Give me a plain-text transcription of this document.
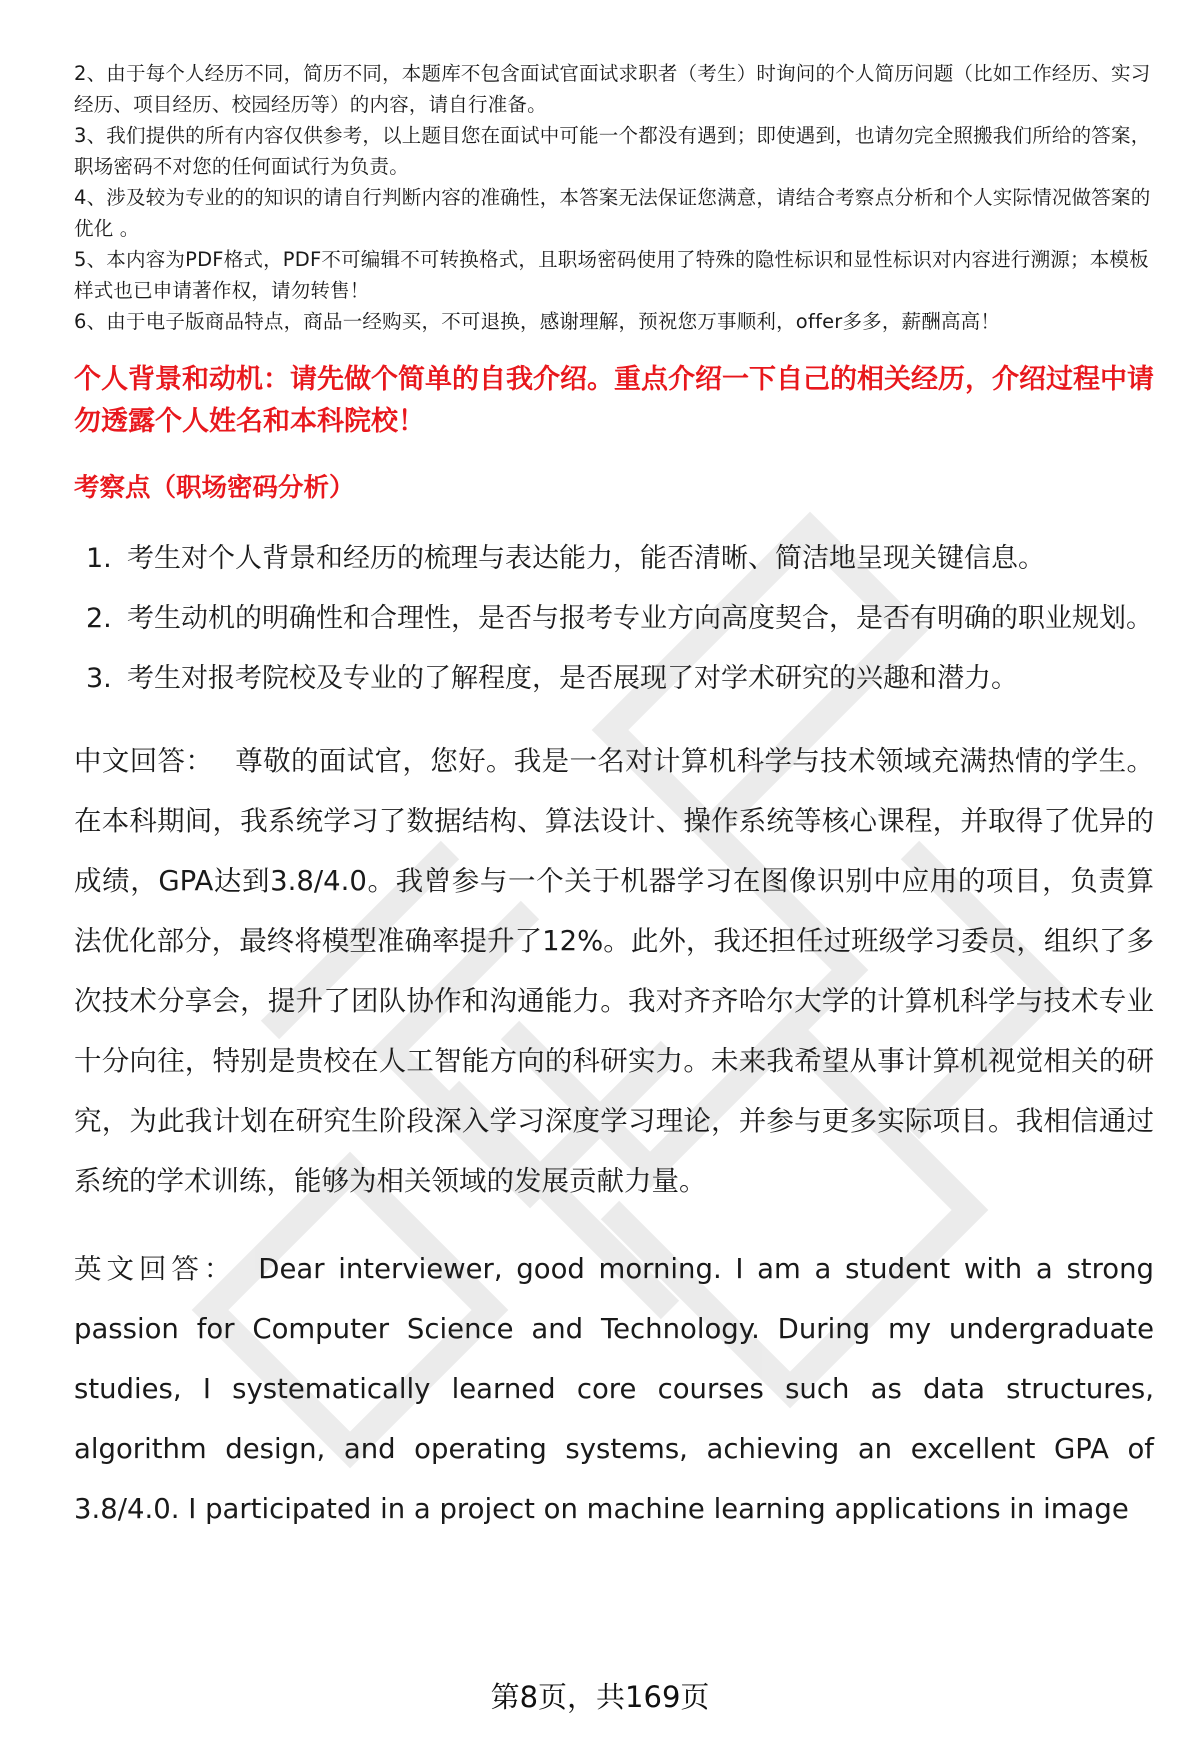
2、由于每个人经历不同，简历不同，本题库不包含面试官面试求职者（考生）时询问的个人简历问题（比如工作经历、实习经历、项目经历、校园经历等）的内容，请自行准备。

3、我们提供的所有内容仅供参考，以上题目您在面试中可能一个都没有遇到；即使遇到，也请勿完全照搬我们所给的答案，职场密码不对您的任何面试行为负责。

4、涉及较为专业的的知识的请自行判断内容的准确性，本答案无法保证您满意，请结合考察点分析和个人实际情况做答案的优化 。

5、本内容为PDF格式，PDF不可编辑不可转换格式，且职场密码使用了特殊的隐性标识和显性标识对内容进行溯源；本模板样式也已申请著作权，请勿转售！

6、由于电子版商品特点，商品一经购买，不可退换，感谢理解，预祝您万事顺利，offer多多，薪酬高高！

个人背景和动机：请先做个简单的自我介绍。重点介绍一下自己的相关经历，介绍过程中请勿透露个人姓名和本科院校！
考察点（职场密码分析）
1. 考生对个人背景和经历的梳理与表达能力，能否清晰、简洁地呈现关键信息。
2. 考生动机的明确性和合理性，是否与报考专业方向高度契合，是否有明确的职业规划。
3. 考生对报考院校及专业的了解程度，是否展现了对学术研究的兴趣和潜力。
中文回答： 尊敬的面试官，您好。我是一名对计算机科学与技术领域充满热情的学生。在本科期间，我系统学习了数据结构、算法设计、操作系统等核心课程，并取得了优异的成绩，GPA达到3.8/4.0。我曾参与一个关于机器学习在图像识别中应用的项目，负责算法优化部分，最终将模型准确率提升了12%。此外，我还担任过班级学习委员，组织了多次技术分享会，提升了团队协作和沟通能力。我对齐齐哈尔大学的计算机科学与技术专业十分向往，特别是贵校在人工智能方向的科研实力。未来我希望从事计算机视觉相关的研究，为此我计划在研究生阶段深入学习深度学习理论，并参与更多实际项目。我相信通过系统的学术训练，能够为相关领域的发展贡献力量。
英文回答： Dear interviewer, good morning. I am a student with a strong passion for Computer Science and Technology. During my undergraduate studies, I systematically learned core courses such as data structures, algorithm design, and operating systems, achieving an excellent GPA of 3.8/4.0. I participated in a project on machine learning applications in image
第8页，共169页
